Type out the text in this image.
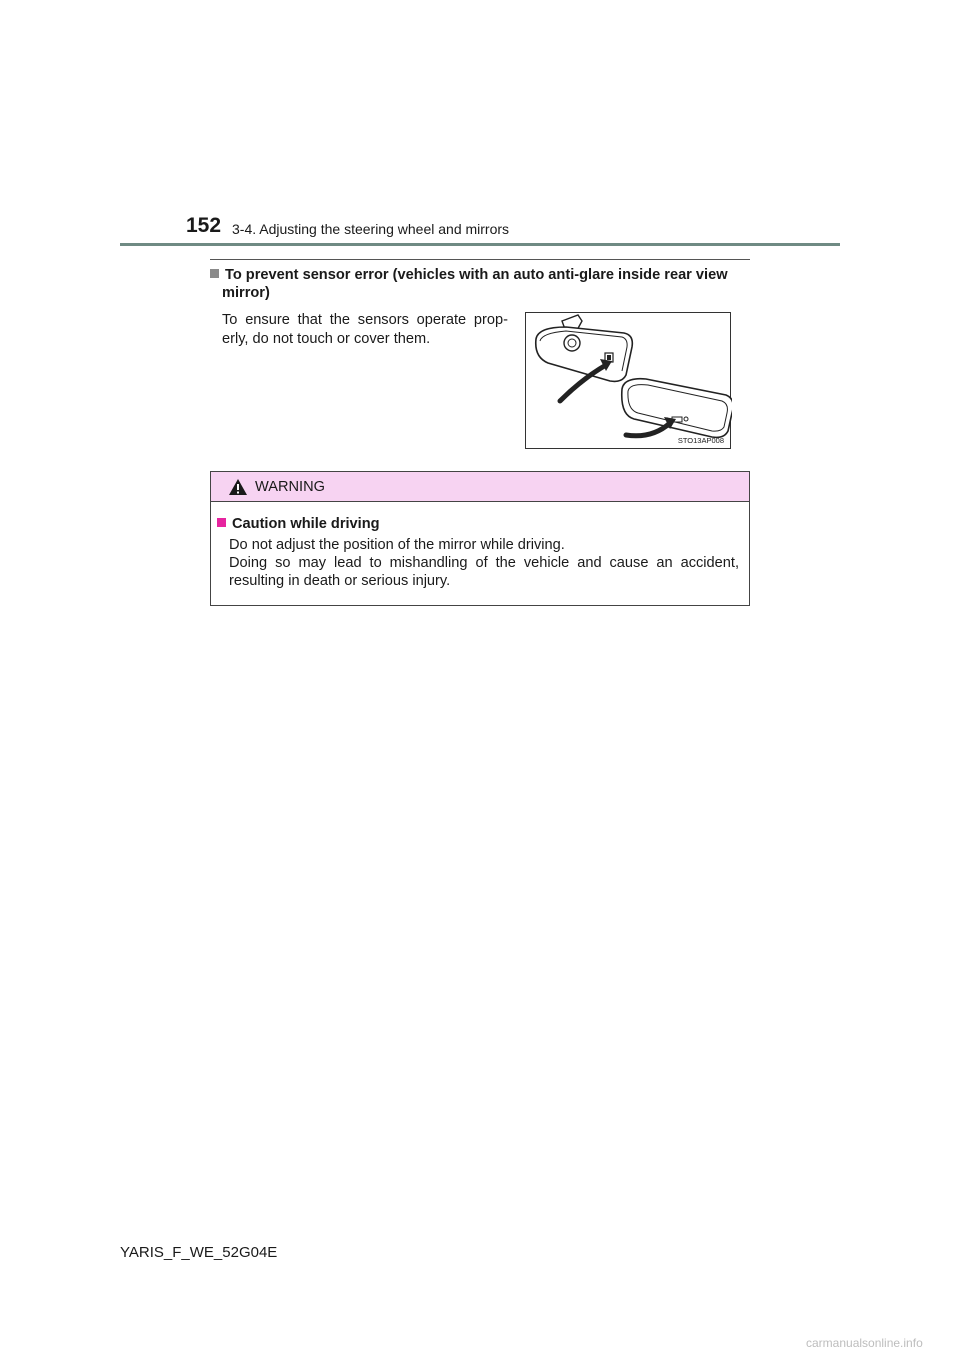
152 3-4. Adjusting the steering wheel and mirrors
To prevent sensor error (vehicles with an auto anti-glare inside rear view
mirror)
To ensure that the sensors operate prop-erly, do not touch or cover them.
STO13AP008
WARNING
Caution while driving
Do not adjust the position of the mirror while driving.
Doing so may lead to mishandling of the vehicle and cause an accident, resulting in death or serious injury.
YARIS_F_WE_52G04E
carmanualsonline.info
